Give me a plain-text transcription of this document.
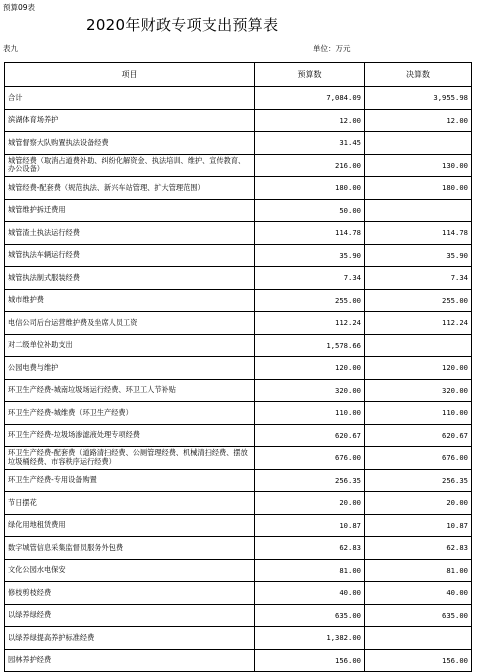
预算09表
2020年财政专项支出预算表
表九	单位：万元
项目	预算数	决算数
合计	7,084.09	3,955.98
滨湖体育场养护	12.00	12.00
城管督察大队购置执法设备经费	31.45	
城管经费（取消占道费补助、纠纷化解资金、执法培训、维护、宣传教育、办公设备）	216.00	130.00
城管经费-配套费（规范执法、新兴车站管理、扩大管理范围）	180.00	180.00
城管维护拆迁费用	50.00	
城管渣土执法运行经费	114.78	114.78
城管执法车辆运行经费	35.90	35.90
城管执法制式服装经费	7.34	7.34
城市维护费	255.00	255.00
电信公司后台运营维护费及坐席人员工资	112.24	112.24
对二级单位补助支出	1,578.66	
公园电费与维护	120.00	120.00
环卫生产经费-城南垃圾场运行经费、环卫工人节补贴	320.00	320.00
环卫生产经费-城维费（环卫生产经费）	110.00	110.00
环卫生产经费-垃圾场渗滤液处理专项经费	620.67	620.67
环卫生产经费-配套费（道路清扫经费、公厕管理经费、机械清扫经费、摆放垃圾桶经费、市容秩序运行经费）	676.00	676.00
环卫生产经费-专用设备购置	256.35	256.35
节日摆花	20.00	20.00
绿化用地租赁费用	10.87	10.87
数字城管信息采集监督员服务外包费	62.83	62.83
文化公园水电保安	81.00	81.00
修枝剪枝经费	40.00	40.00
以绿养绿经费	635.00	635.00
以绿养绿提高养护标准经费	1,382.00	
园林养护经费	156.00	156.00
